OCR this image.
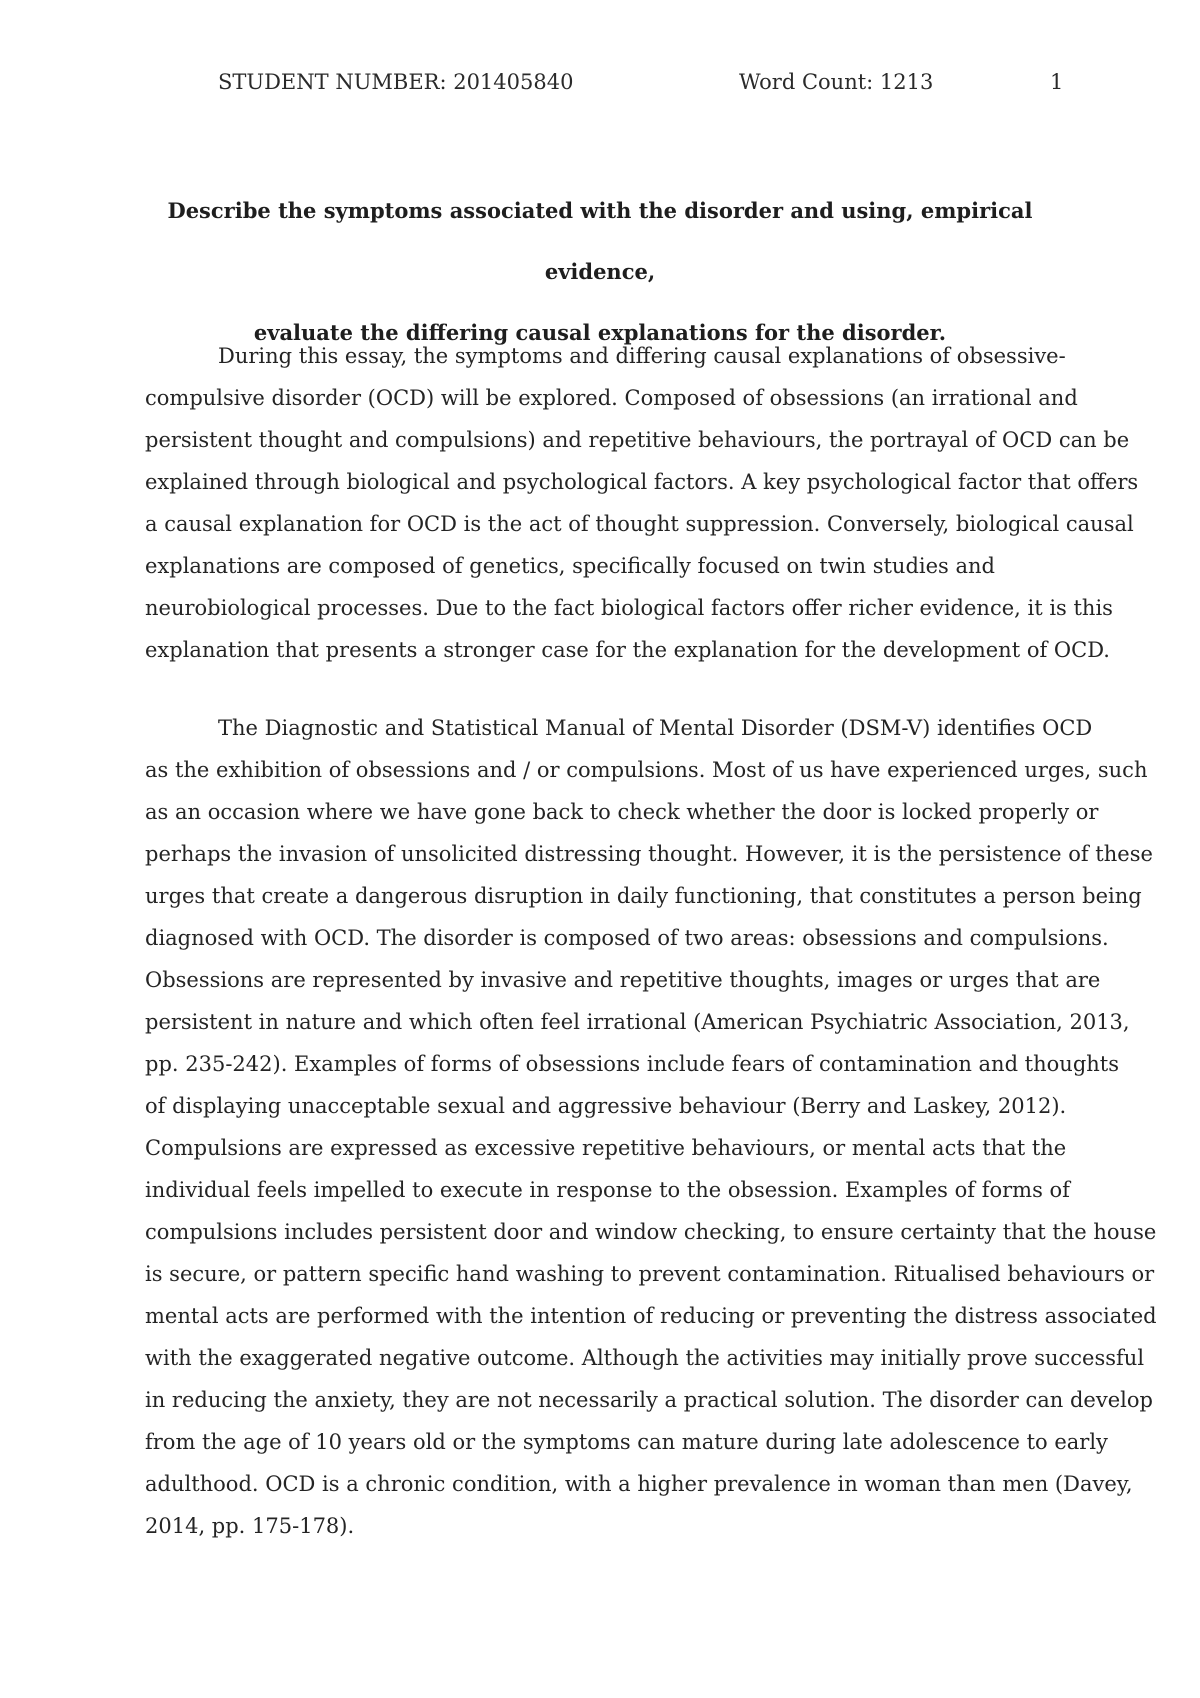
STUDENT NUMBER: 201405840	Word Count: 1213	1
Describe the symptoms associated with the disorder and using, empirical evidence,
evaluate the differing causal explanations for the disorder.

During this essay, the symptoms and differing causal explanations of obsessive-
compulsive disorder (OCD) will be explored. Composed of obsessions (an irrational and
persistent thought and compulsions) and repetitive behaviours, the portrayal of OCD can be
explained through biological and psychological factors. A key psychological factor that offers
a causal explanation for OCD is the act of thought suppression. Conversely, biological causal
explanations are composed of genetics, specifically focused on twin studies and
neurobiological processes. Due to the fact biological factors offer richer evidence, it is this
explanation that presents a stronger case for the explanation for the development of OCD.

The Diagnostic and Statistical Manual of Mental Disorder (DSM-V) identifies OCD
as the exhibition of obsessions and / or compulsions. Most of us have experienced urges, such
as an occasion where we have gone back to check whether the door is locked properly or
perhaps the invasion of unsolicited distressing thought. However, it is the persistence of these
urges that create a dangerous disruption in daily functioning, that constitutes a person being
diagnosed with OCD. The disorder is composed of two areas: obsessions and compulsions.
Obsessions are represented by invasive and repetitive thoughts, images or urges that are
persistent in nature and which often feel irrational (American Psychiatric Association, 2013,
pp. 235-242). Examples of forms of obsessions include fears of contamination and thoughts
of displaying unacceptable sexual and aggressive behaviour (Berry and Laskey, 2012).
Compulsions are expressed as excessive repetitive behaviours, or mental acts that the
individual feels impelled to execute in response to the obsession. Examples of forms of
compulsions includes persistent door and window checking, to ensure certainty that the house
is secure, or pattern specific hand washing to prevent contamination. Ritualised behaviours or
mental acts are performed with the intention of reducing or preventing the distress associated
with the exaggerated negative outcome. Although the activities may initially prove successful
in reducing the anxiety, they are not necessarily a practical solution. The disorder can develop
from the age of 10 years old or the symptoms can mature during late adolescence to early
adulthood. OCD is a chronic condition, with a higher prevalence in woman than men (Davey,
2014, pp. 175-178).
